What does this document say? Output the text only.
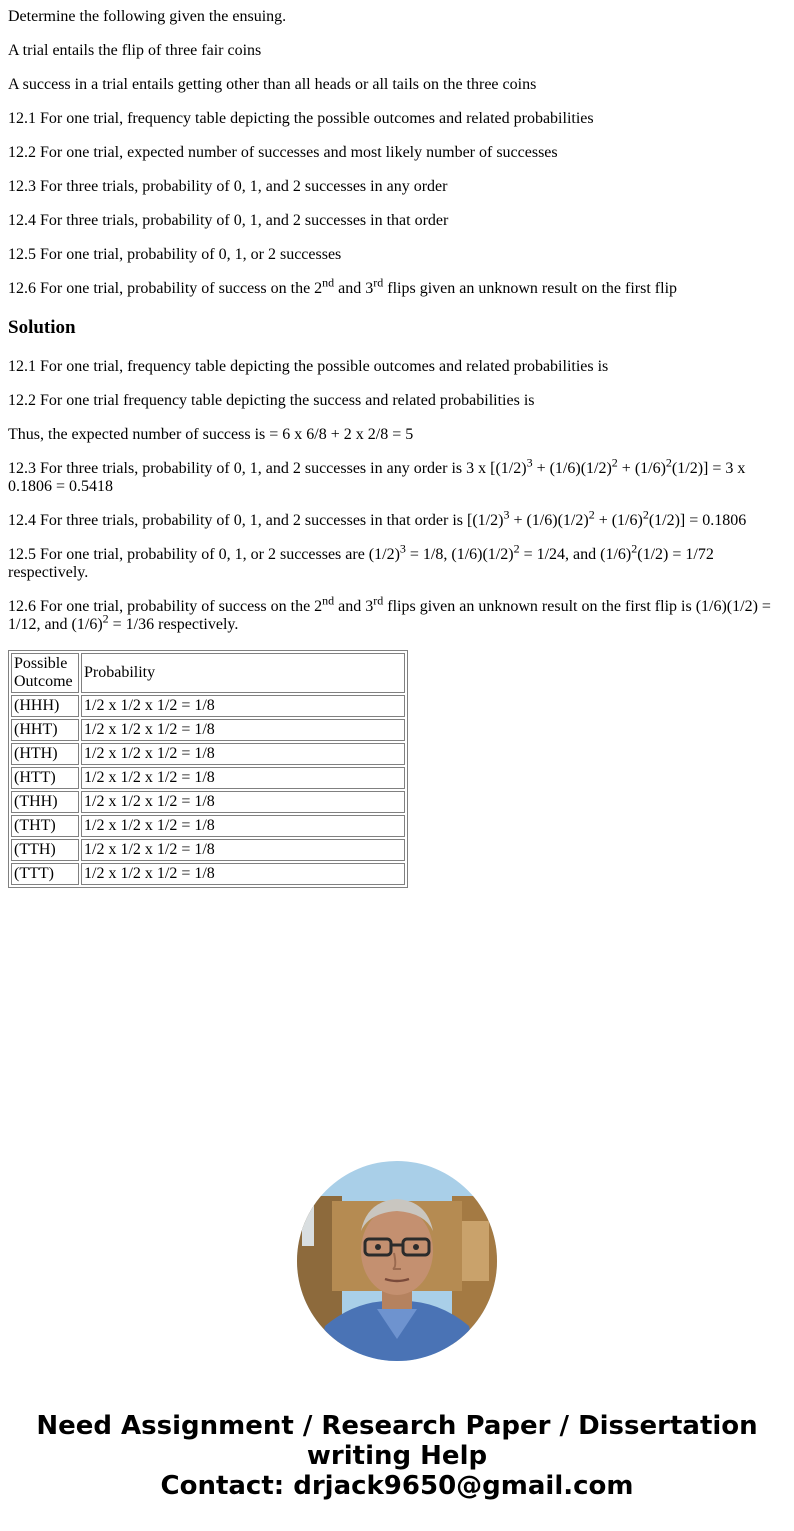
Determine the following given the ensuing.

A trial entails the flip of three fair coins

A success in a trial entails getting other than all heads or all tails on the three coins

12.1 For one trial, frequency table depicting the possible outcomes and related probabilities

12.2 For one trial, expected number of successes and most likely number of successes

12.3 For three trials, probability of 0, 1, and 2 successes in any order

12.4 For three trials, probability of 0, 1, and 2 successes in that order

12.5 For one trial, probability of 0, 1, or 2 successes

12.6 For one trial, probability of success on the 2nd and 3rd flips given an unknown result on the first flip

Solution

12.1 For one trial, frequency table depicting the possible outcomes and related probabilities is

12.2 For one trial frequency table depicting the success and related probabilities is

Thus, the expected number of success is = 6 x 6/8 + 2 x 2/8 = 5

12.3 For three trials, probability of 0, 1, and 2 successes in any order is 3 x $[(1/2)^3 + (1/6)(1/2)^2 + (1/6)^2(1/2)] = 3$ x 0.1806 = 0.5418

12.4 For three trials, probability of 0, 1, and 2 successes in that order is $[(1/2)^3 + (1/6)(1/2)^2 + (1/6)^2(1/2)] = 0.1806$

12.5 For one trial, probability of 0, 1, or 2 successes are $(1/2)^3 = 1/8$, $(1/6)(1/2)^2 = 1/24$, and $(1/6)^2(1/2) = 1/72$ respectively.

12.6 For one trial, probability of success on the 2nd and 3rd flips given an unknown result on the first flip is (1/6)(1/2) = 1/12, and $(1/6)^2 = 1/36$ respectively.

Possible Outcome	Probability
(HHH)	1/2 x 1/2 x 1/2 = 1/8
(HHT)	1/2 x 1/2 x 1/2 = 1/8
(HTH)	1/2 x 1/2 x 1/2 = 1/8
(HTT)	1/2 x 1/2 x 1/2 = 1/8
(THH)	1/2 x 1/2 x 1/2 = 1/8
(THT)	1/2 x 1/2 x 1/2 = 1/8
(TTH)	1/2 x 1/2 x 1/2 = 1/8
(TTT)	1/2 x 1/2 x 1/2 = 1/8
Need Assignment / Research Paper / Dissertation
writing Help
Contact: drjack9650@gmail.com
